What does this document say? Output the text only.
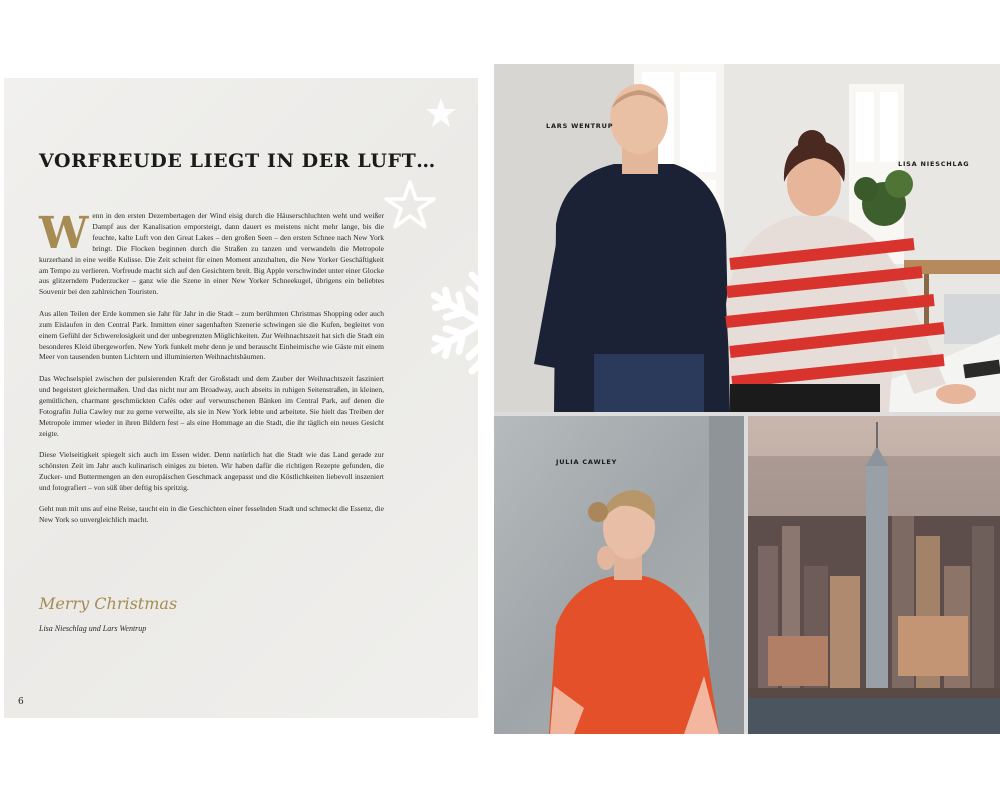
VORFREUDE LIEGT IN DER LUFT…

Wenn in den ersten Dezembertagen der Wind eisig durch die Häuserschluchten weht und weißer Dampf aus der Kanalisation emporsteigt, dann dauert es meistens nicht mehr lange, bis die feuchte, kalte Luft von den Great Lakes – den großen Seen – den ersten Schnee nach New York bringt. Die Flocken beginnen durch die Straßen zu tanzen und verwandeln die Metropole kurzerhand in eine weiße Kulisse. Die Zeit scheint für einen Moment anzuhalten, die New Yorker Geschäftigkeit am Tempo zu verlieren. Vorfreude macht sich auf den Gesichtern breit. Big Apple verschwindet unter einer Glocke aus glitzerndem Puderzucker – ganz wie die Szene in einer New Yorker Schneekugel, übrigens ein beliebtes Souvenir bei den zahlreichen Touristen.

Aus allen Teilen der Erde kommen sie Jahr für Jahr in die Stadt – zum berühmten Christmas Shopping oder auch zum Eislaufen in den Central Park. Inmitten einer sagenhaften Szenerie schwingen sie die Kufen, begleitet von einem Gefühl der Schwerelosigkeit und der unbegrenzten Möglichkeiten. Zur Weihnachtszeit hat sich die Stadt ein besonderes Kleid übergeworfen. New York funkelt mehr denn je und berauscht Einheimische wie Gäste mit einem Meer von tausenden bunten Lichtern und illuminierten Weihnachtsbäumen.

Das Wechselspiel zwischen der pulsierenden Kraft der Großstadt und dem Zauber der Weihnachtszeit fasziniert und begeistert gleichermaßen. Und das nicht nur am Broadway, auch abseits in ruhigen Seitenstraßen, in kleinen, gemütlichen, charmant geschmückten Cafés oder auf verwunschenen Bänken im Central Park, auf denen die Fotografin Julia Cawley nur zu gerne verweilte, als sie in New York lebte und arbeitete. Sie hielt das Treiben der Metropole immer wieder in ihren Bildern fest – als eine Hommage an die Stadt, die ihr täglich ein neues Gesicht zeigte.

Diese Vielseitigkeit spiegelt sich auch im Essen wider. Denn natürlich hat die Stadt wie das Land gerade zur schönsten Zeit im Jahr auch kulinarisch einiges zu bieten. Wir haben dafür die richtigen Rezepte gefunden, die Zucker- und Buttermengen an den europäischen Geschmack angepasst und die Köstlichkeiten liebevoll inszeniert und fotografiert – von süß über deftig bis spritzig.

Geht nun mit uns auf eine Reise, taucht ein in die Geschichten einer fesselnden Stadt und schmeckt die Essenz, die New York so unvergleichlich macht.

Merry Christmas
Lisa Nieschlag und Lars Wentrup
6
LARS WENTRUP
LISA NIESCHLAG
JULIA CAWLEY
